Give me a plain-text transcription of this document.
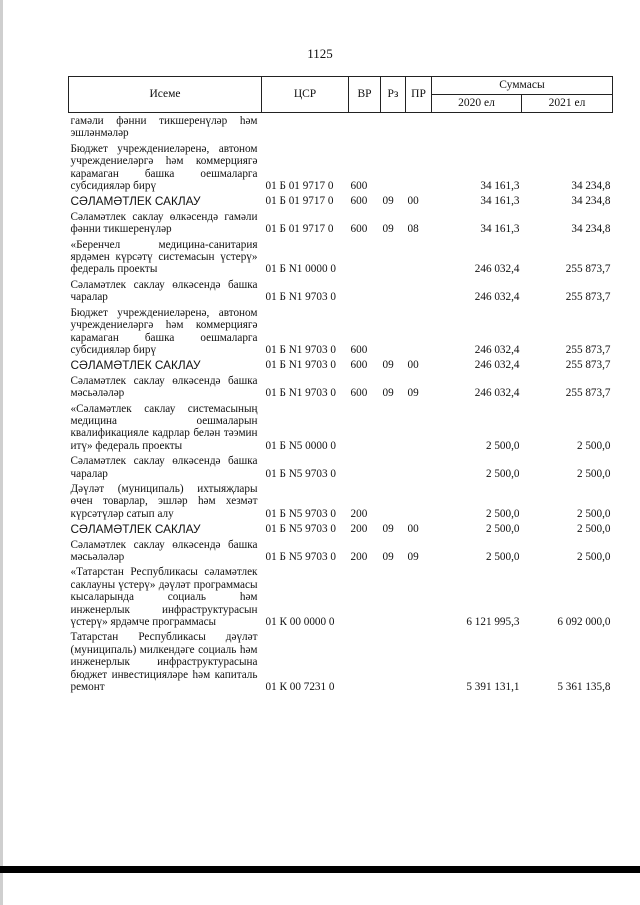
1125
Исеме	ЦСР	ВР	Рз	ПР	Суммасы	
					2020 ел	2021 ел
гамәли фәнни тикшеренүләр һәм эшләнмәләр						
Бюджет учреждениеләренә, автоном учреждениеләргә һәм коммерциягә карамаган башка оешмаларга субсидияләр бирү	01 Б 01 9717 0	600			34 161,3	34 234,8
СӘЛАМӘТЛЕК САКЛАУ	01 Б 01 9717 0	600	09	00	34 161,3	34 234,8
Сәламәтлек саклау өлкәсендә гамәли фәнни тикшеренүләр	01 Б 01 9717 0	600	09	08	34 161,3	34 234,8
«Беренчел медицина-санитария ярдәмен күрсәтү системасын үстерү» федераль проекты	01 Б N1 0000 0				246 032,4	255 873,7
Сәламәтлек саклау өлкәсендә башка чаралар	01 Б N1 9703 0				246 032,4	255 873,7
Бюджет учреждениеләренә, автоном учреждениеләргә һәм коммерциягә карамаган башка оешмаларга субсидияләр бирү	01 Б N1 9703 0	600			246 032,4	255 873,7
СӘЛАМӘТЛЕК САКЛАУ	01 Б N1 9703 0	600	09	00	246 032,4	255 873,7
Сәламәтлек саклау өлкәсендә башка мәсьәләләр	01 Б N1 9703 0	600	09	09	246 032,4	255 873,7
«Сәламәтлек саклау системасының медицина оешмаларын квалификацияле кадрлар белән тәэмин итү» федераль проекты	01 Б N5 0000 0				2 500,0	2 500,0
Сәламәтлек саклау өлкәсендә башка чаралар	01 Б N5 9703 0				2 500,0	2 500,0
Дәүләт (муниципаль) ихтыяҗлары өчен товарлар, эшләр һәм хезмәт күрсәтүләр сатып алу	01 Б N5 9703 0	200			2 500,0	2 500,0
СӘЛАМӘТЛЕК САКЛАУ	01 Б N5 9703 0	200	09	00	2 500,0	2 500,0
Сәламәтлек саклау өлкәсендә башка мәсьәләләр	01 Б N5 9703 0	200	09	09	2 500,0	2 500,0
«Татарстан Республикасы сәламәтлек саклауны үстерү» дәүләт программасы кысаларында социаль һәм инженерлык инфраструктурасын үстерү» ярдәмче программасы	01 К 00 0000 0				6 121 995,3	6 092 000,0
Татарстан Республикасы дәүләт (муниципаль) милкендәге социаль һәм инженерлык инфраструктурасына бюджет инвестицияләре һәм капиталь ремонт	01 К 00 7231 0				5 391 131,1	5 361 135,8
